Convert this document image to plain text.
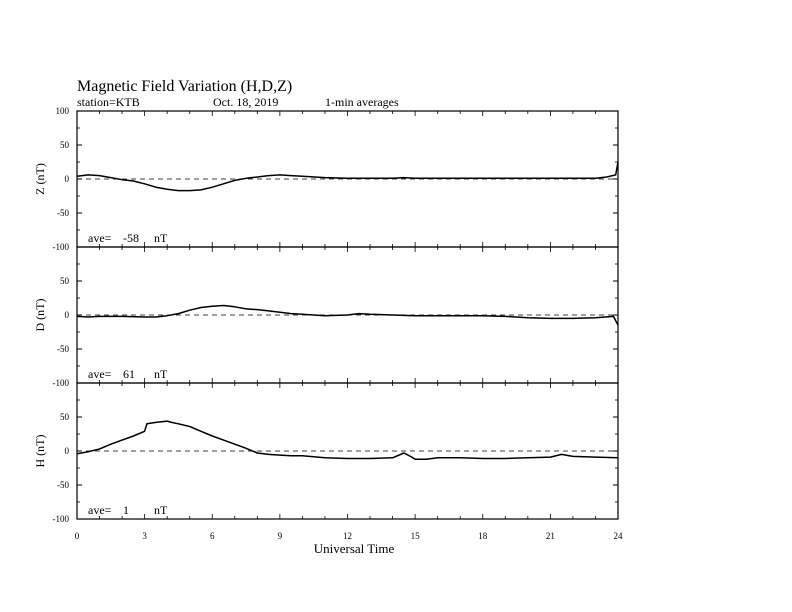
Magnetic Field Variation (H,D,Z)
station=KTB	Oct. 18, 2019	1-min averages
100
50
0
-50
-100
Z (nT)
ave= -58 nT
50
0
-50
-100
D (nT)
ave= 61 nT
50
0
-50
-100
H (nT)
ave= 1 nT
0	3	6	9	12	15	18	21	24
Universal Time
